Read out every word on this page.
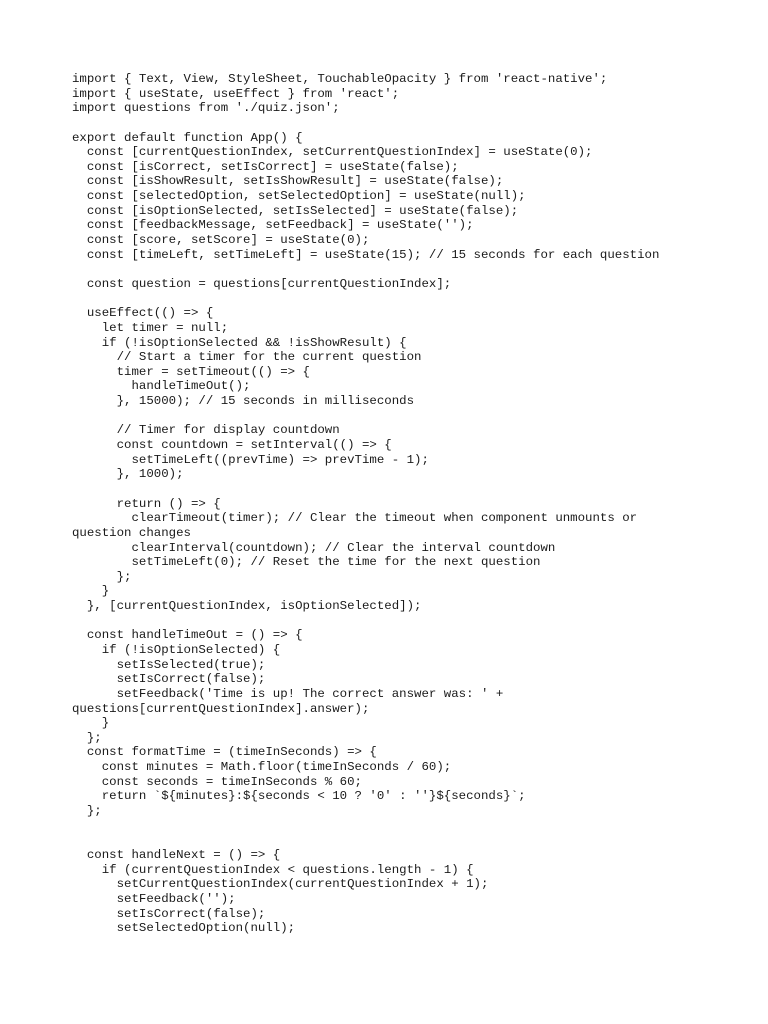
import { Text, View, StyleSheet, TouchableOpacity } from 'react-native';
import { useState, useEffect } from 'react';
import questions from './quiz.json';
export default function App() {
const [currentQuestionIndex, setCurrentQuestionIndex] = useState(0);
const [isCorrect, setIsCorrect] = useState(false);
const [isShowResult, setIsShowResult] = useState(false);
const [selectedOption, setSelectedOption] = useState(null);
const [isOptionSelected, setIsSelected] = useState(false);
const [feedbackMessage, setFeedback] = useState('');
const [score, setScore] = useState(0);
const [timeLeft, setTimeLeft] = useState(15); // 15 seconds for each question
const question = questions[currentQuestionIndex];
useEffect(() => {
let timer = null;
if (!isOptionSelected && !isShowResult) {
// Start a timer for the current question
timer = setTimeout(() => {
handleTimeOut();
}, 15000); // 15 seconds in milliseconds
// Timer for display countdown
const countdown = setInterval(() => {
setTimeLeft((prevTime) => prevTime - 1);
}, 1000);
return () => {
clearTimeout(timer); // Clear the timeout when component unmounts or
question changes
clearInterval(countdown); // Clear the interval countdown
setTimeLeft(0); // Reset the time for the next question
};
}
}, [currentQuestionIndex, isOptionSelected]);
const handleTimeOut = () => {
if (!isOptionSelected) {
setIsSelected(true);
setIsCorrect(false);
setFeedback('Time is up! The correct answer was: ' +
questions[currentQuestionIndex].answer);
}
};
const formatTime = (timeInSeconds) => {
const minutes = Math.floor(timeInSeconds / 60);
const seconds = timeInSeconds % 60;
return `${minutes}:${seconds < 10 ? '0' : ''}${seconds}`;
};
const handleNext = () => {
if (currentQuestionIndex < questions.length - 1) {
setCurrentQuestionIndex(currentQuestionIndex + 1);
setFeedback('');
setIsCorrect(false);
setSelectedOption(null);
